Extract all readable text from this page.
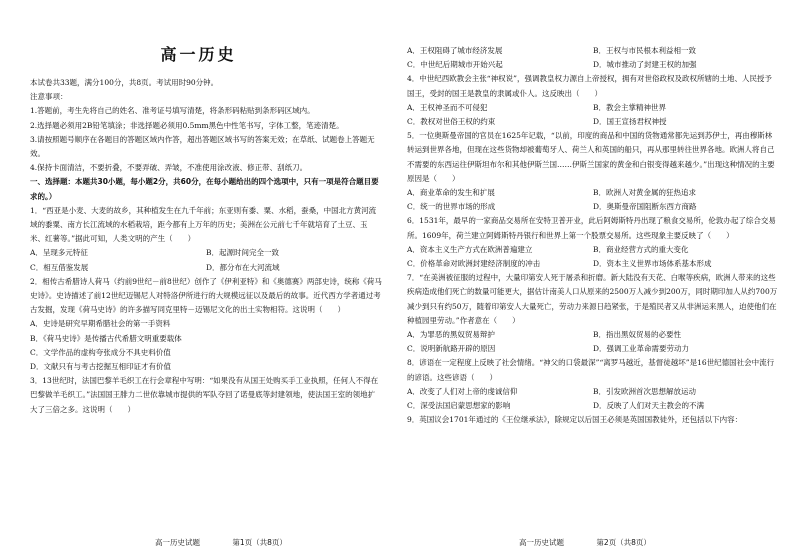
高一历史
本试卷共33题，满分100分，共8页。考试用时90分钟。
注意事项：
1.答题前，考生先将自己的姓名、准考证号填写清楚，将条形码粘贴到条形码区域内。
2.选择题必须用2B铅笔填涂；非选择题必须用0.5mm黑色中性笔书写，字体工整，笔迹清楚。
3.请按照题号顺序在各题目的答题区域内作答，超出答题区域书写的答案无效；在草纸、试题卷上答题无效。
4.保持卡面清洁，不要折叠，不要弄破、弄皱，不准使用涂改液、修正带、刮纸刀。
一、选择题：本题共30小题，每小题2分，共60分，在每小题给出的四个选项中，只有一项是符合题目要求的。）
1．“西亚是小麦、大麦的故乡，其种植发生在九千年前；东亚则有黍、粟、水稻，蚕桑，中国北方黄河流域的黍粟、南方长江流域的水稻栽培，距今都有上万年的历史；美洲在公元前七千年就培育了土豆、玉米、红薯等。”据此可知，人类文明的产生（　　）
A．呈现多元特征	B．起源时间完全一致
C．相互借鉴发展	D．都分布在大河流域
2．相传古希腊诗人荷马（约前9世纪－前8世纪）创作了《伊利亚特》和《奥德赛》两部史诗，统称《荷马史诗》。史诗描述了前12世纪迈锡尼人对特洛伊所进行的大规模远征以及最后的故事。近代西方学者通过考古发掘，发现《荷马史诗》的许多描写同克里特－迈锡尼文化的出土实物相符。这说明（　　）
A．史诗是研究早期希腊社会的第一手资料
B．《荷马史诗》是传播古代希腊文明重要载体
C．文学作品的虚构夸张成分不具史料价值
D．文献只有与考古挖掘互相印证才有价值
3．13世纪时，法国巴黎羊毛织工在行会章程中写明：“如果没有从国王处购买手工业执照，任何人不得在巴黎做羊毛织工。”法国国王腓力二世依靠城市提供的军队夺回了诺曼底等封建领地，使法国王室的领地扩大了三倍之多。这说明（　　）
高一历史试题	第1页（共8页）
A．王权阻碍了城市经济发展	B．王权与市民根本利益相一致
C．中世纪后期城市开始兴起	D．城市推动了封建王权的加强
4．中世纪西欧教会主张“神权说”，强调教皇权力源自上帝授权，拥有对世俗政权及政权所辖的土地、人民授予国王，受封的国王是教皇的隶属或仆人。这反映出（　　）
A．王权神圣而不可侵犯	B．教会主掌精神世界
C．教权对世俗王权的约束	D．国王宣扬君权神授
5．一位奥斯曼帝国的官员在1625年记载，“以前，印度的商品和中国的货物通常都先运到苏伊士，再由穆斯林转运到世界各地，但现在这些货物却被葡萄牙人、荷兰人和英国的船只，再从那里转往世界各地。欧洲人将自己不需要的东西运往伊斯坦布尔和其他伊斯兰国……伊斯兰国家的黄金和白银变得越来越少。”出现这种情况的主要原因是（　　）
A．商业革命的发生和扩展	B．欧洲人对黄金属的狂热追求
C．统一的世界市场的形成	D．奥斯曼帝国阻断东西方商路
6．1531年，最早的一家商品交易所在安特卫普开业，此后阿姆斯特丹出现了粮食交易所，伦敦办起了综合交易所。1609年，荷兰建立阿姆斯特丹银行和世界上第一个股票交易所。这些现象主要反映了（　　）
A．资本主义生产方式在欧洲普遍建立	B．商业经营方式的重大变化
C．价格革命对欧洲封建经济制度的冲击	D．资本主义世界市场体系基本形成
7．“在美洲被征服的过程中，大量印第安人死于屠杀和折磨。新大陆没有天花、白喉等疾病，欧洲人带来的这些疾病造成他们死亡的数量可能更大，据估计南美人口从原来的2500万人减少到200万，同时期印加人从约700万减少到只有约50万，随着印第安人大量死亡，劳动力来源日趋紧张，于是殖民者又从非洲运来黑人，迫使他们在种植园里劳动。”作者意在（　　）
A．为罪恶的黑奴贸易辩护	B．指出黑奴贸易的必要性
C．说明新航路开辟的原因	D．强调工业革命需要劳动力
8．谚语在一定程度上反映了社会情绪。“神父的口袋最深”“离罗马越近，基督徒越坏”是16世纪德国社会中流行的谚语。这些谚语（　　）
A．改变了人们对上帝的虔诚信仰	B．引发欧洲首次思想解放运动
C．深受法国启蒙思想家的影响	D．反映了人们对天主教会的不满
9．英国议会1701年通过的《王位继承法》，除规定以后国王必须是英国国教徒外，还包括以下内容：
高一历史试题	第2页（共8页）
